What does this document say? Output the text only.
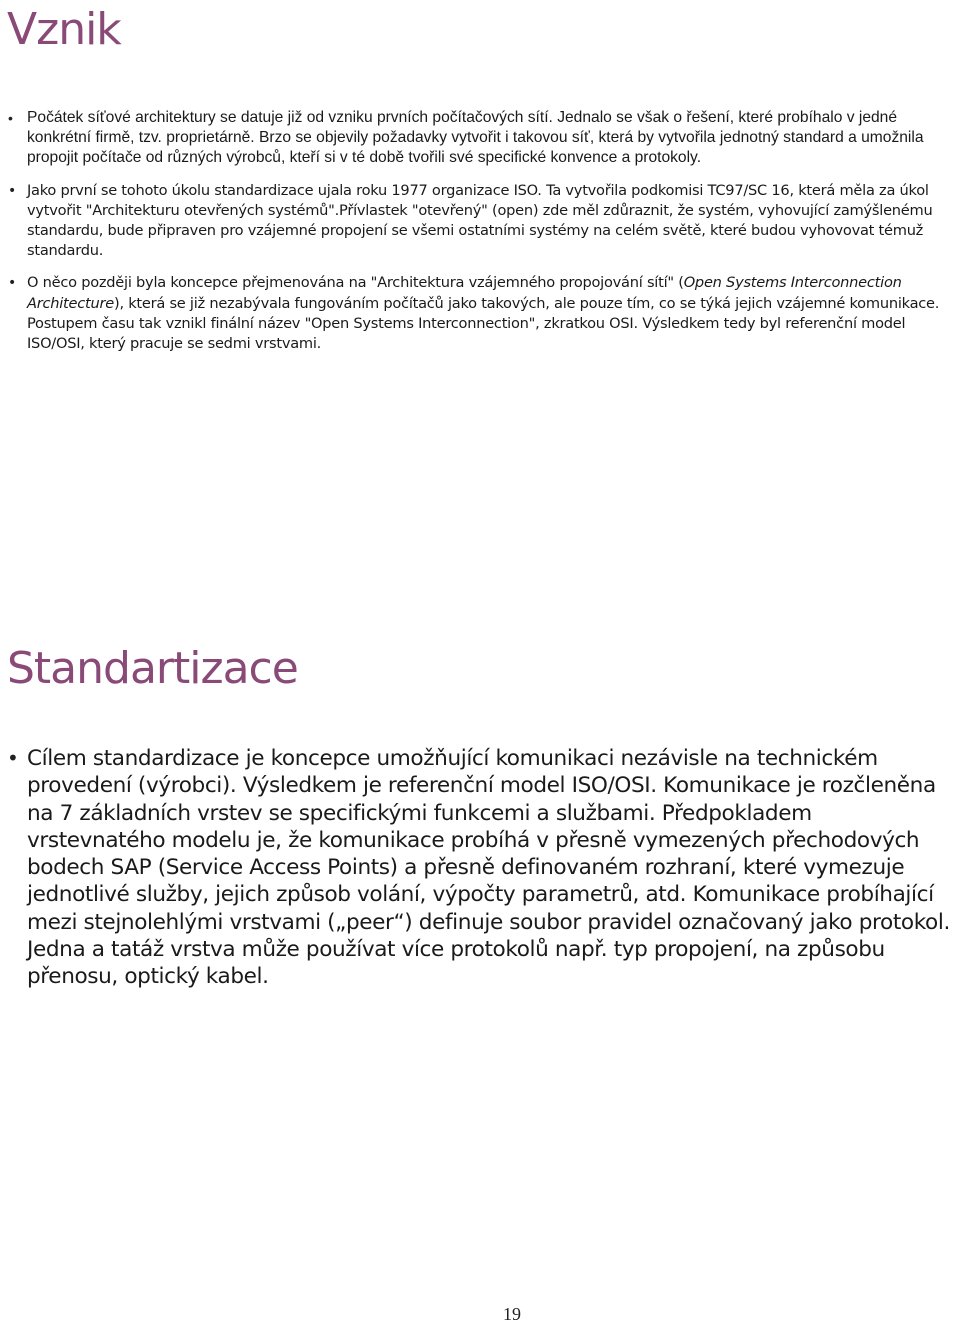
Vznik
• Počátek síťové architektury se datuje již od vzniku prvních počítačových sítí. Jednalo se však o řešení, které probíhalo v jedné konkrétní firmě, tzv. proprietárně. Brzo se objevily požadavky vytvořit i takovou síť, která by vytvořila jednotný standard a umožnila propojit počítače od různých výrobců, kteří si v té době tvořili své specifické konvence a protokoly.
• Jako první se tohoto úkolu standardizace ujala roku 1977 organizace ISO. Ta vytvořila podkomisi TC97/SC 16, která měla za úkol vytvořit "Architekturu otevřených systémů".Přívlastek "otevřený" (open) zde měl zdůraznit, že systém, vyhovující zamýšlenému standardu, bude připraven pro vzájemné propojení se všemi ostatními systémy na celém světě, které budou vyhovovat témuž standardu.
• O něco později byla koncepce přejmenována na "Architektura vzájemného propojování sítí" (Open Systems Interconnection Architecture), která se již nezabývala fungováním počítačů jako takových, ale pouze tím, co se týká jejich vzájemné komunikace. Postupem času tak vznikl finální název "Open Systems Interconnection", zkratkou OSI. Výsledkem tedy byl referenční model ISO/OSI, který pracuje se sedmi vrstvami.
Standartizace
• Cílem standardizace je koncepce umožňující komunikaci nezávisle na technickém provedení (výrobci). Výsledkem je referenční model ISO/OSI. Komunikace je rozčleněna na 7 základních vrstev se specifickými funkcemi a službami. Předpokladem vrstevnatého modelu je, že komunikace probíhá v přesně vymezených přechodových bodech SAP (Service Access Points) a přesně definovaném rozhraní, které vymezuje jednotlivé služby, jejich způsob volání, výpočty parametrů, atd. Komunikace probíhající mezi stejnolehlými vrstvami („peer“) definuje soubor pravidel označovaný jako protokol. Jedna a tatáž vrstva může používat více protokolů např. typ propojení, na způsobu přenosu, optický kabel.
19
